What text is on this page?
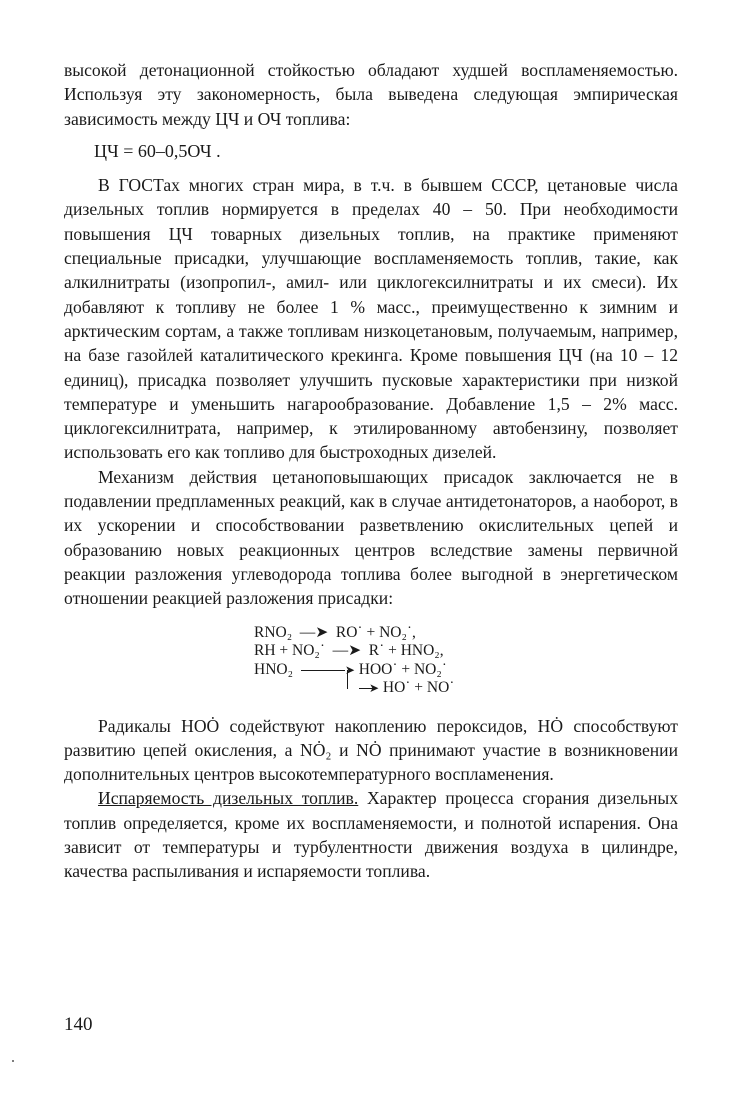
высокой детонационной стойкостью обладают худшей воспламеняемостью. Используя эту закономерность, была выведена следующая эмпирическая зависимость между ЦЧ и ОЧ топлива:

ЦЧ = 60–0,5ОЧ .

В ГОСТах многих стран мира, в т.ч. в бывшем СССР, цетановые числа дизельных топлив нормируется в пределах 40 – 50. При необходимости повышения ЦЧ товарных дизельных топлив, на практике применяют специальные присадки, улучшающие воспламеняемость топлив, такие, как алкилнитраты (изопропил-, амил- или циклогексилнитраты и их смеси). Их добавляют к топливу не более 1 % масс., преимущественно к зимним и арктическим сортам, а также топливам низкоцетановым, получаемым, например, на базе газойлей каталитического крекинга. Кроме повышения ЦЧ (на 10 – 12 единиц), присадка позволяет улучшить пусковые характеристики при низкой температуре и уменьшить нагарообразование. Добавление 1,5 – 2% масс. циклогексилнитрата, например, к этилированному автобензину, позволяет использовать его как топливо для быстроходных дизелей.

Механизм действия цетаноповышающих присадок заключается не в подавлении предпламенных реакций, как в случае антидетонаторов, а наоборот, в их ускорении и способствовании разветвлению окислительных цепей и образованию новых реакционных центров вследствие замены первичной реакции разложения углеводорода топлива более выгодной в энергетическом отношении реакцией разложения присадки:

RNO₂ —➤ RO˙ + NO₂˙,
RH + NO₂˙ —➤ R˙ + HNO₂,
HNO₂	➤ HOO˙ + NO₂˙
➤ HO˙ + NO˙

Радикалы HOȮ содействуют накоплению пероксидов, HȮ способствуют развитию цепей окисления, а NȮ₂ и NȮ принимают участие в возникновении дополнительных центров высокотемпературного воспламенения.

Испаряемость дизельных топлив. Характер процесса сгорания дизельных топлив определяется, кроме их воспламеняемости, и полнотой испарения. Она зависит от температуры и турбулентности движения воздуха в цилиндре, качества распыливания и испаряемости топлива.

140
